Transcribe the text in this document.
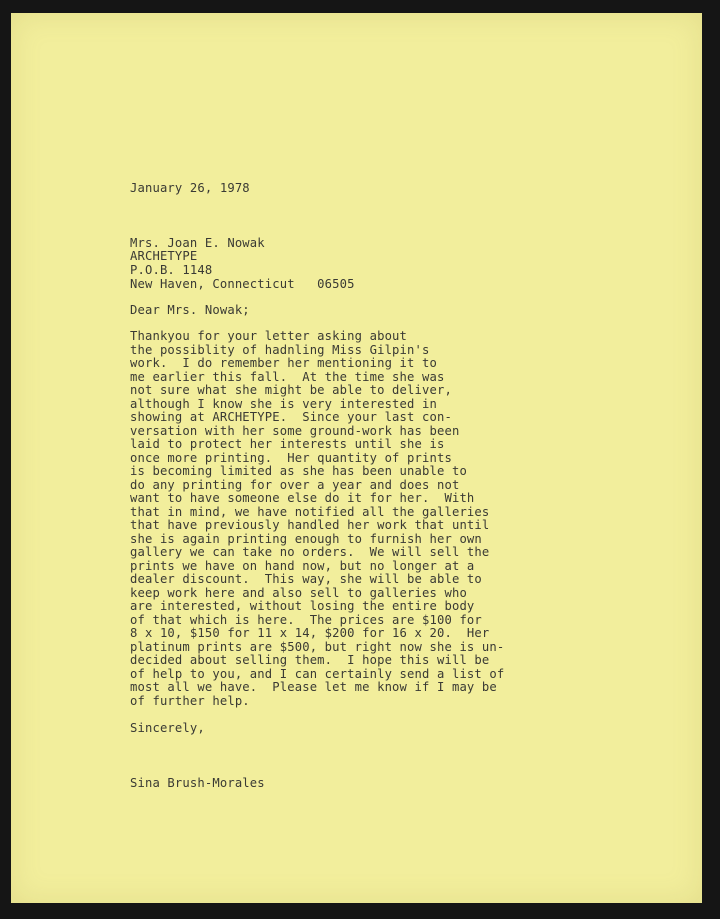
January 26, 1978
Mrs. Joan E. Nowak
ARCHETYPE
P.O.B. 1148
New Haven, Connecticut   06505
Dear Mrs. Nowak;
Thankyou for your letter asking about
the possiblity of hadnling Miss Gilpin's
work.  I do remember her mentioning it to
me earlier this fall.  At the time she was
not sure what she might be able to deliver,
although I know she is very interested in
showing at ARCHETYPE.  Since your last con-
versation with her some ground-work has been
laid to protect her interests until she is
once more printing.  Her quantity of prints
is becoming limited as she has been unable to
do any printing for over a year and does not
want to have someone else do it for her.  With
that in mind, we have notified all the galleries
that have previously handled her work that until
she is again printing enough to furnish her own
gallery we can take no orders.  We will sell the
prints we have on hand now, but no longer at a
dealer discount.  This way, she will be able to
keep work here and also sell to galleries who
are interested, without losing the entire body
of that which is here.  The prices are $100 for
8 x 10, $150 for 11 x 14, $200 for 16 x 20.  Her
platinum prints are $500, but right now she is un-
decided about selling them.  I hope this will be
of help to you, and I can certainly send a list of
most all we have.  Please let me know if I may be
of further help.
Sincerely,
Sina Brush-Morales
